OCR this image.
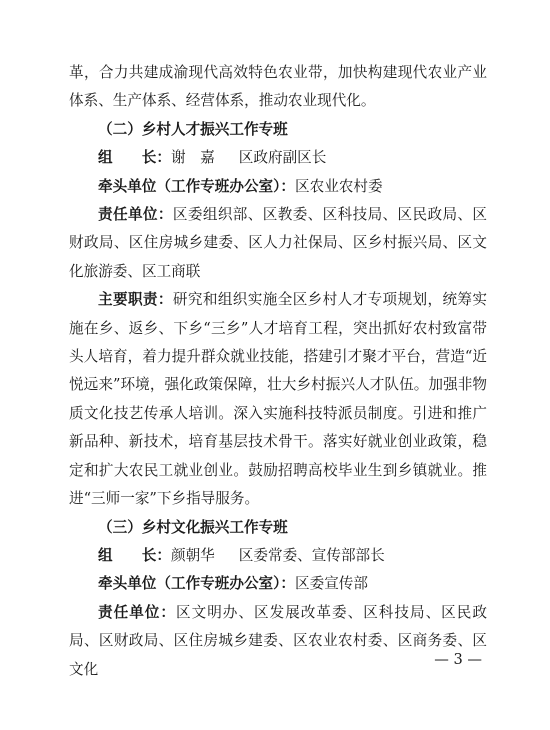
革，合力共建成渝现代高效特色农业带，加快构建现代农业产业体系、生产体系、经营体系，推动农业现代化。

（二）乡村人才振兴工作专班

组　　长：谢　嘉 区政府副区长

牵头单位（工作专班办公室）：区农业农村委

责任单位：区委组织部、区教委、区科技局、区民政局、区财政局、区住房城乡建委、区人力社保局、区乡村振兴局、区文化旅游委、区工商联

主要职责：研究和组织实施全区乡村人才专项规划，统筹实施在乡、返乡、下乡“三乡”人才培育工程，突出抓好农村致富带头人培育，着力提升群众就业技能，搭建引才聚才平台，营造“近悦远来”环境，强化政策保障，壮大乡村振兴人才队伍。加强非物质文化技艺传承人培训。深入实施科技特派员制度。引进和推广新品种、新技术，培育基层技术骨干。落实好就业创业政策，稳定和扩大农民工就业创业。鼓励招聘高校毕业生到乡镇就业。推进“三师一家”下乡指导服务。

（三）乡村文化振兴工作专班

组　　长：颜朝华 区委常委、宣传部部长

牵头单位（工作专班办公室）：区委宣传部

责任单位：区文明办、区发展改革委、区科技局、区民政局、区财政局、区住房城乡建委、区农业农村委、区商务委、区文化

— 3 —
